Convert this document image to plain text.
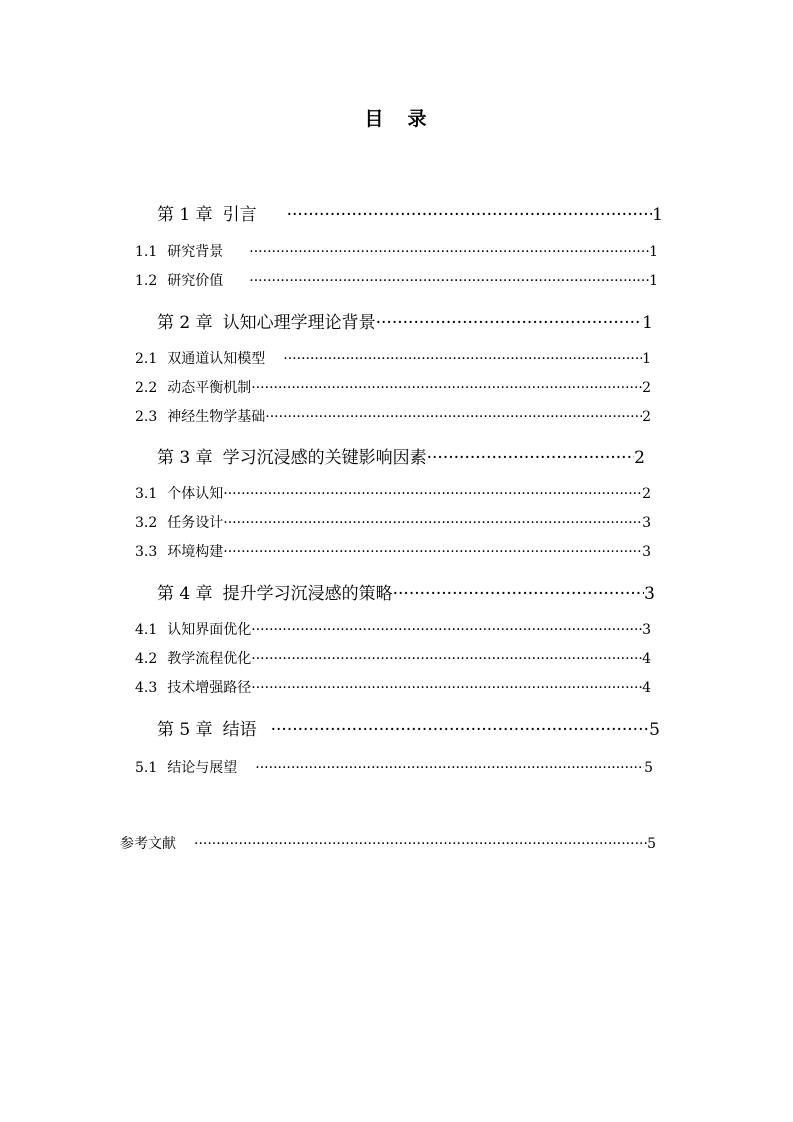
目 录
第 1 章 引言 ·····	1
1.1 研究背景 ·····	1
1.2 研究价值 ·····	1
第 2 章 认知心理学理论背景 ·····	1
2.1 双通道认知模型 ·····	1
2.2 动态平衡机制 ·····	2
2.3 神经生物学基础 ·····	2
第 3 章 学习沉浸感的关键影响因素 ·····	2
3.1 个体认知 ·····	2
3.2 任务设计 ·····	3
3.3 环境构建 ·····	3
第 4 章 提升学习沉浸感的策略 ·····	3
4.1 认知界面优化 ·····	3
4.2 教学流程优化 ·····	4
4.3 技术增强路径 ·····	4
第 5 章 结语 ·····	5
5.1 结论与展望 ·····	5
参考文献 ·····	5
